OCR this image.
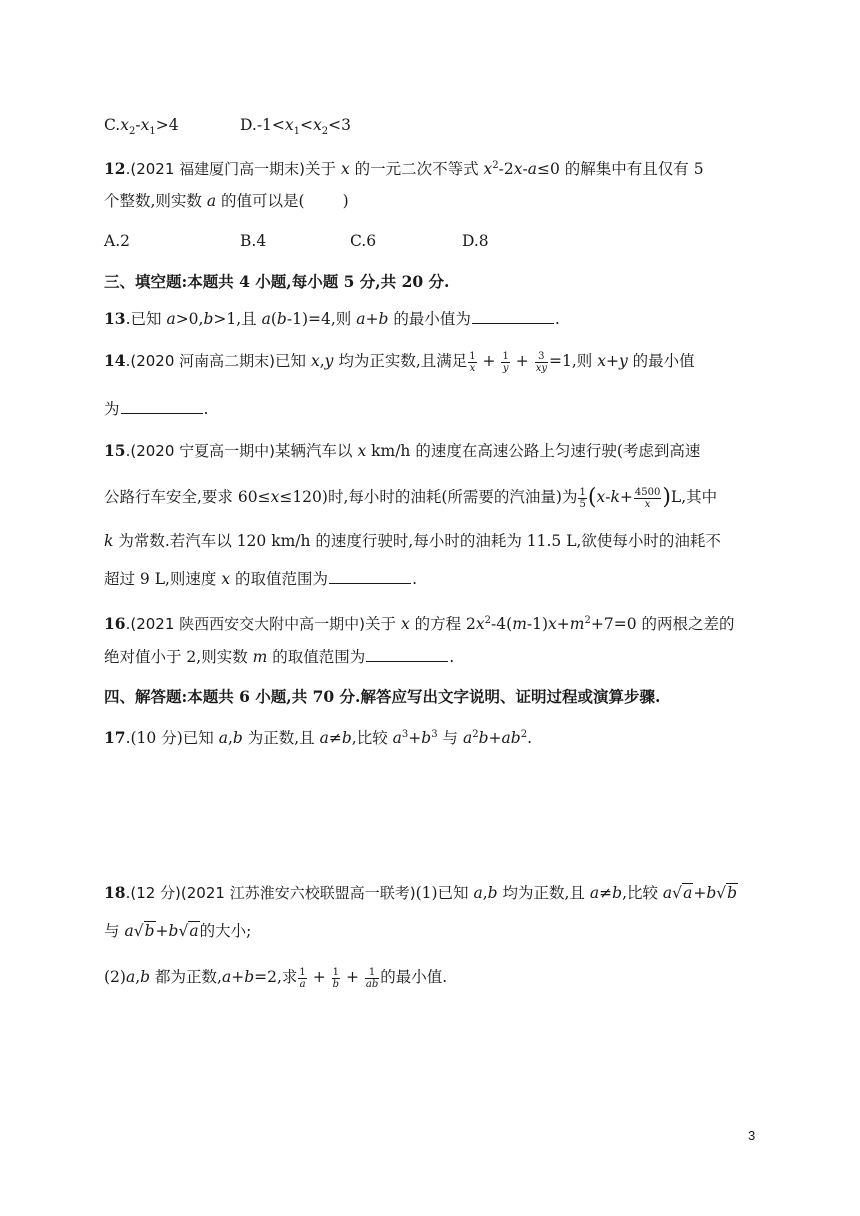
$C.x_2-x_1>4$	$D.-1<x_1<x_2<3$
12.(2021 福建厦门高一期末)关于 x 的一元二次不等式 $x^2-2x-a\le 0$ 的解集中有且仅有 5
个整数,则实数 a 的值可以是( )
A.2	B.4	C.6	D.8
三、填空题:本题共 4 小题,每小题 5 分,共 20 分.
13.已知 a>0,b>1,且 a(b-1)=4,则 a+b 的最小值为	.
14.(2020 河南高二期末)已知 x,y 均为正实数,且满足 $\frac{1}{x} + \frac{1}{y} + \frac{3}{xy} =1$,则 x+y 的最小值
为	.
15.(2020 宁夏高一期中)某辆汽车以 x km/h 的速度在高速公路上匀速行驶(考虑到高速
公路行车安全,要求 60≤x≤120)时,每小时的油耗(所需要的汽油量)为 $\frac{1}{5} (x-k+ \frac{4500}{x} )L$,其中
k 为常数.若汽车以 120 km/h 的速度行驶时,每小时的油耗为 11.5 L,欲使每小时的油耗不
超过 9 L,则速度 x 的取值范围为	.
16.(2021 陕西西安交大附中高一期中)关于 x 的方程 $2x^2-4(m-1)x+m^2+7=0$ 的两根之差的
绝对值小于 2,则实数 m 的取值范围为	.
四、解答题:本题共 6 小题,共 70 分.解答应写出文字说明、证明过程或演算步骤.
17.(10 分)已知 a,b 为正数,且 a≠b,比较 $a^3+b^3$ 与 $a^2b+ab^2$.
18.(12 分)(2021 江苏淮安六校联盟高一联考)(1)已知 a,b 均为正数,且 a≠b,比较 a√a+b√b
与 a√b+b√a的大小;
(2)a,b 都为正数,a+b=2,求 $\frac{1}{a} + \frac{1}{b} + \frac{1}{ab}$ 的最小值.
3
